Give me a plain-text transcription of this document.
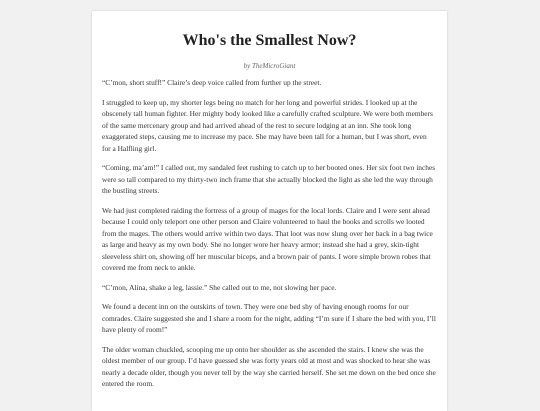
Who's the Smallest Now?
by TheMicroGiant

“C’mon, short stuff!” Claire’s deep voice called from further up the street.

I struggled to keep up, my shorter legs being no match for her long and powerful strides. I looked up at the obscenely tall human fighter. Her mighty body looked like a carefully crafted sculpture. We were both members of the same mercenary group and had arrived ahead of the rest to secure lodging at an inn. She took long exaggerated steps, causing me to increase my pace. She may have been tall for a human, but I was short, even for a Halfling girl.

“Coming, ma’am!” I called out, my sandaled feet rushing to catch up to her booted ones. Her six foot two inches were so tall compared to my thirty-two inch frame that she actually blocked the light as she led the way through the bustling streets.

We had just completed raiding the fortress of a group of mages for the local lords. Claire and I were sent ahead because I could only teleport one other person and Claire volunteered to haul the books and scrolls we looted from the mages. The others would arrive within two days. That loot was now slung over her back in a bag twice as large and heavy as my own body. She no longer wore her heavy armor; instead she had a grey, skin-tight sleeveless shirt on, showing off her muscular biceps, and a brown pair of pants. I wore simple brown robes that covered me from neck to ankle.

“C’mon, Alina, shake a leg, lassie.” She called out to me, not slowing her pace.

We found a decent inn on the outskirts of town. They were one bed shy of having enough rooms for our comrades. Claire suggested she and I share a room for the night, adding “I’m sure if I share the bed with you, I’ll have plenty of room!”

The older woman chuckled, scooping me up onto her shoulder as she ascended the stairs. I knew she was the oldest member of our group. I’d have guessed she was forty years old at most and was shocked to hear she was nearly a decade older, though you never tell by the way she carried herself. She set me down on the bed once she entered the room.
